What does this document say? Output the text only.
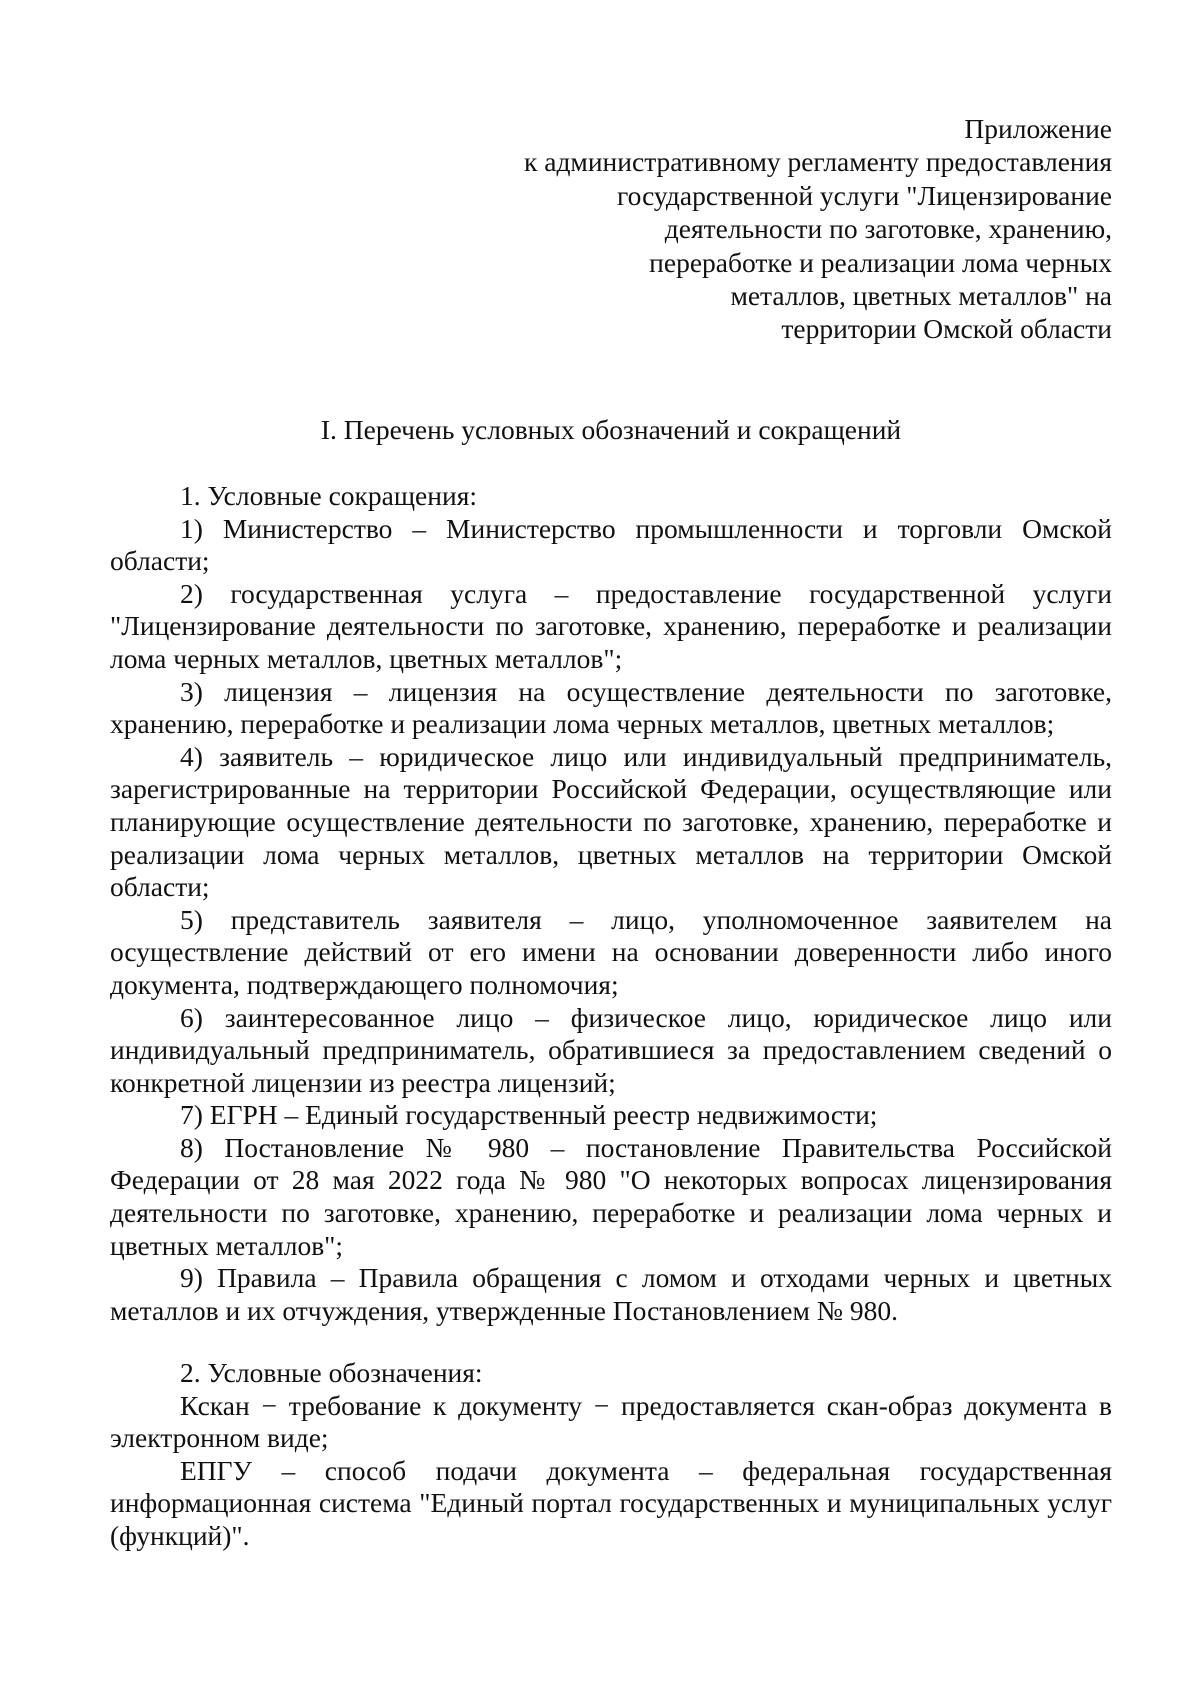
Приложение
к административному регламенту предоставления
государственной услуги "Лицензирование
деятельности по заготовке, хранению,
переработке и реализации лома черных
металлов, цветных металлов" на
территории Омской области
I. Перечень условных обозначений и сокращений

1. Условные сокращения:

1) Министерство – Министерство промышленности и торговли Омской области;

2) государственная услуга – предоставление государственной услуги "Лицензирование деятельности по заготовке, хранению, переработке и реализации лома черных металлов, цветных металлов";

3) лицензия – лицензия на осуществление деятельности по заготовке, хранению, переработке и реализации лома черных металлов, цветных металлов;

4) заявитель – юридическое лицо или индивидуальный предприниматель, зарегистрированные на территории Российской Федерации, осуществляющие или планирующие осуществление деятельности по заготовке, хранению, переработке и реализации лома черных металлов, цветных металлов на территории Омской области;

5) представитель заявителя – лицо, уполномоченное заявителем на осуществление действий от его имени на основании доверенности либо иного документа, подтверждающего полномочия;

6) заинтересованное лицо – физическое лицо, юридическое лицо или индивидуальный предприниматель, обратившиеся за предоставлением сведений о конкретной лицензии из реестра лицензий;

7) ЕГРН – Единый государственный реестр недвижимости;

8) Постановление № 980 – постановление Правительства Российской Федерации от 28 мая 2022 года № 980 "О некоторых вопросах лицензирования деятельности по заготовке, хранению, переработке и реализации лома черных и цветных металлов";

9) Правила – Правила обращения с ломом и отходами черных и цветных металлов и их отчуждения, утвержденные Постановлением № 980.

2. Условные обозначения:

Кскан − требование к документу − предоставляется скан-образ документа в электронном виде;

ЕПГУ – способ подачи документа – федеральная государственная информационная система "Единый портал государственных и муниципальных услуг (функций)".
